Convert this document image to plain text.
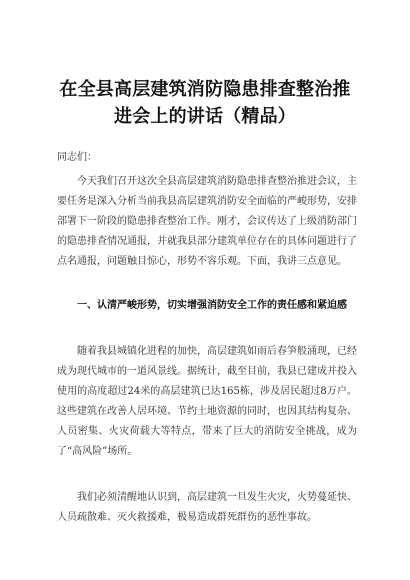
在全县高层建筑消防隐患排查整治推
进会上的讲话（精品）
同志们：
今天我们召开这次全县高层建筑消防隐患排查整治推进会议，主要任务是深入分析当前我县高层建筑消防安全面临的严峻形势，安排部署下一阶段的隐患排查整治工作。刚才，会议传达了上级消防部门的隐患排查情况通报，并就我县部分建筑单位存在的具体问题进行了点名通报，问题触目惊心，形势不容乐观。下面，我讲三点意见。
一、认清严峻形势，切实增强消防安全工作的责任感和紧迫感
随着我县城镇化进程的加快，高层建筑如雨后春笋般涌现，已经成为现代城市的一道风景线。据统计，截至目前，我县已建成并投入使用的高度超过24米的高层建筑已达165栋，涉及居民超过8万户。这些建筑在改善人居环境、节约土地资源的同时，也因其结构复杂、人员密集、火灾荷载大等特点，带来了巨大的消防安全挑战，成为了“高风险”场所。
我们必须清醒地认识到，高层建筑一旦发生火灾，火势蔓延快、人员疏散难、灭火救援难，极易造成群死群伤的恶性事故。
